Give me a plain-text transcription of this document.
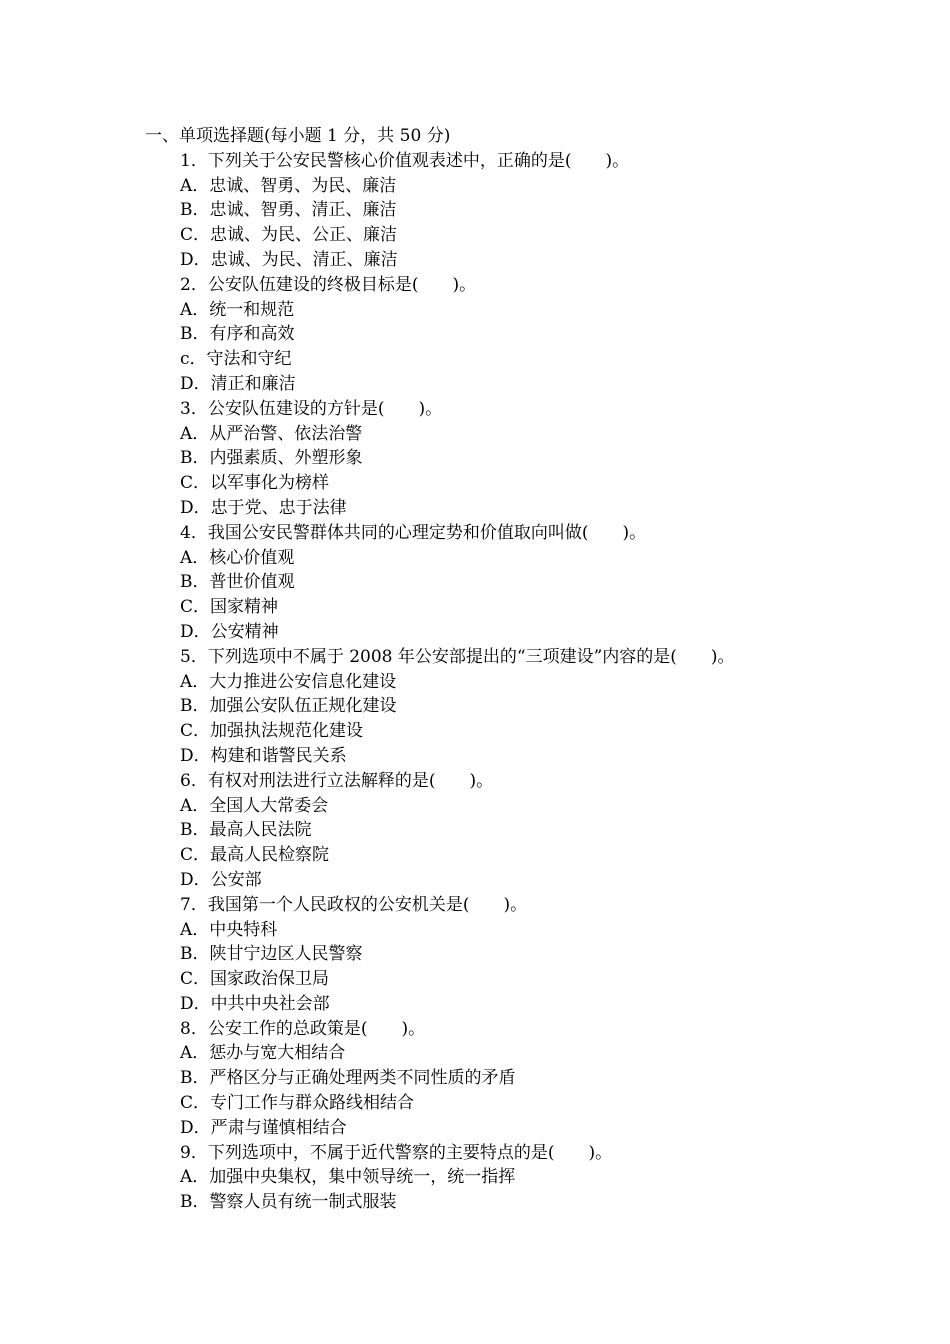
一、单项选择题(每小题 1 分，共 50 分)
1．下列关于公安民警核心价值观表述中，正确的是(　　)。
A．忠诚、智勇、为民、廉洁
B．忠诚、智勇、清正、廉洁
C．忠诚、为民、公正、廉洁
D．忠诚、为民、清正、廉洁
2．公安队伍建设的终极目标是(　　)。
A．统一和规范
B．有序和高效
c．守法和守纪
D．清正和廉洁
3．公安队伍建设的方针是(　　)。
A．从严治警、依法治警
B．内强素质、外塑形象
C．以军事化为榜样
D．忠于党、忠于法律
4．我国公安民警群体共同的心理定势和价值取向叫做(　　)。
A．核心价值观
B．普世价值观
C．国家精神
D．公安精神
5．下列选项中不属于 2008 年公安部提出的“三项建设”内容的是(　　)。
A．大力推进公安信息化建设
B．加强公安队伍正规化建设
C．加强执法规范化建设
D．构建和谐警民关系
6．有权对刑法进行立法解释的是(　　)。
A．全国人大常委会
B．最高人民法院
C．最高人民检察院
D．公安部
7．我国第一个人民政权的公安机关是(　　)。
A．中央特科
B．陕甘宁边区人民警察
C．国家政治保卫局
D．中共中央社会部
8．公安工作的总政策是(　　)。
A．惩办与宽大相结合
B．严格区分与正确处理两类不同性质的矛盾
C．专门工作与群众路线相结合
D．严肃与谨慎相结合
9．下列选项中，不属于近代警察的主要特点的是(　　)。
A．加强中央集权，集中领导统一，统一指挥
B．警察人员有统一制式服装
